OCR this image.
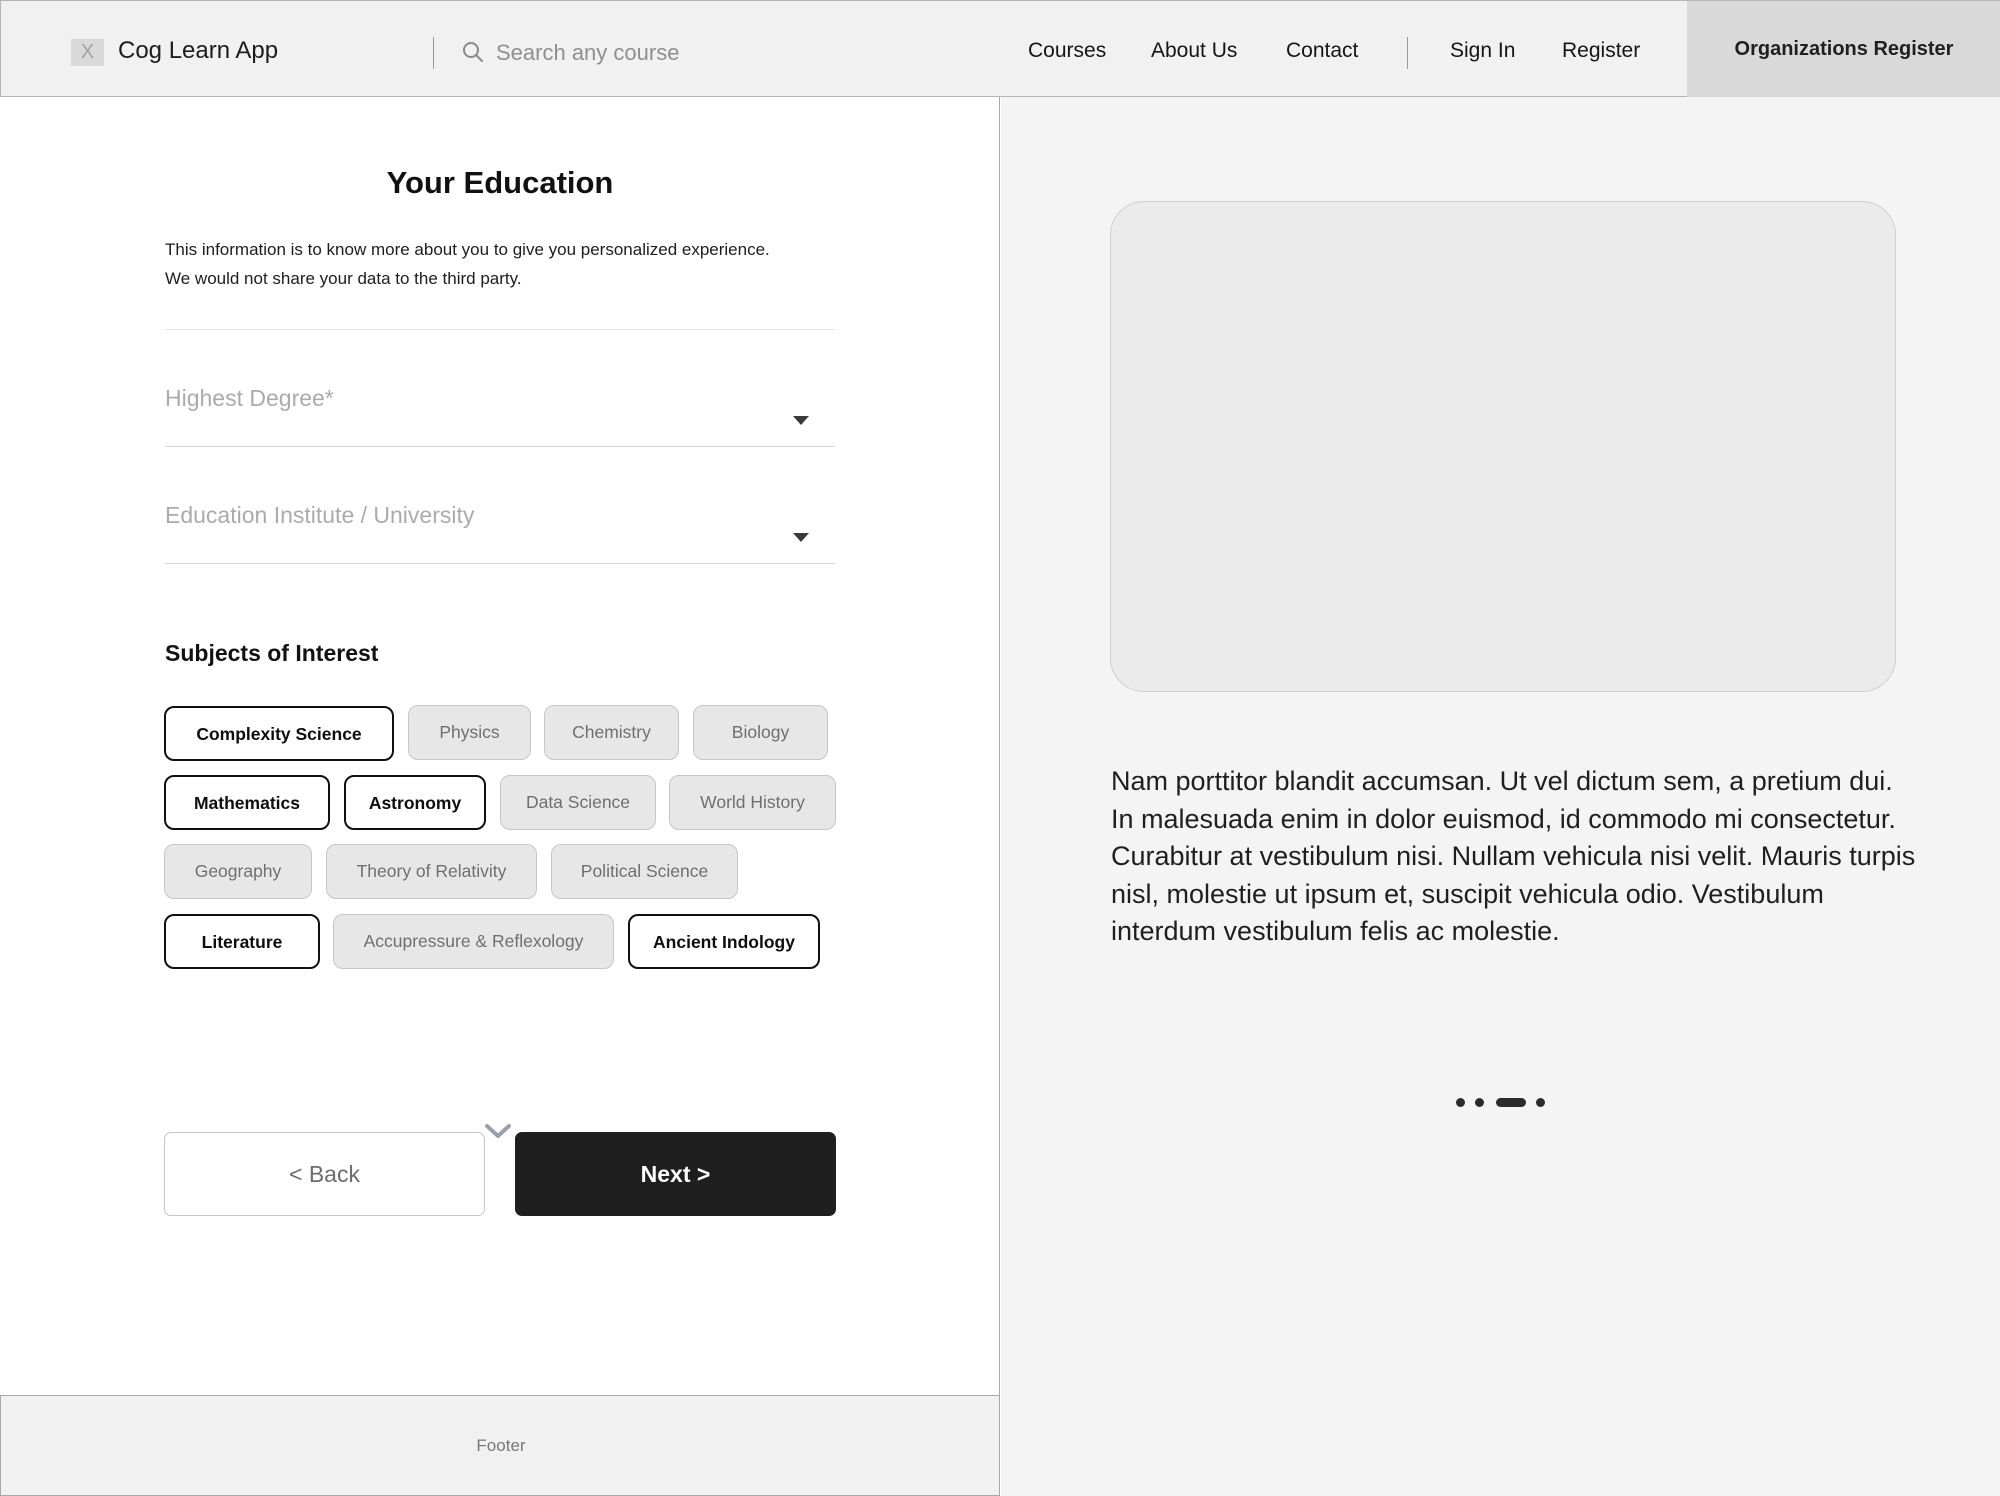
X Cog Learn App
Search any course	Courses About Us Contact	Sign In Register	Organizations Register
Your Education
This information is to know more about you to give you personalized experience.
We would not share your data to the third party.
Highest Degree*
Education Institute / University
Subjects of Interest
Complexity Science	Physics	Chemistry	Biology
Mathematics	Astronomy	Data Science	World History
Geography	Theory of Relativity	Political Science
Literature	Accupressure & Reflexology	Ancient Indology
< Back	Next >
Footer
Nam porttitor blandit accumsan. Ut vel dictum sem, a pretium dui. In malesuada enim in dolor euismod, id commodo mi consectetur. Curabitur at vestibulum nisi. Nullam vehicula nisi velit. Mauris turpis nisl, molestie ut ipsum et, suscipit vehicula odio. Vestibulum interdum vestibulum felis ac molestie.
